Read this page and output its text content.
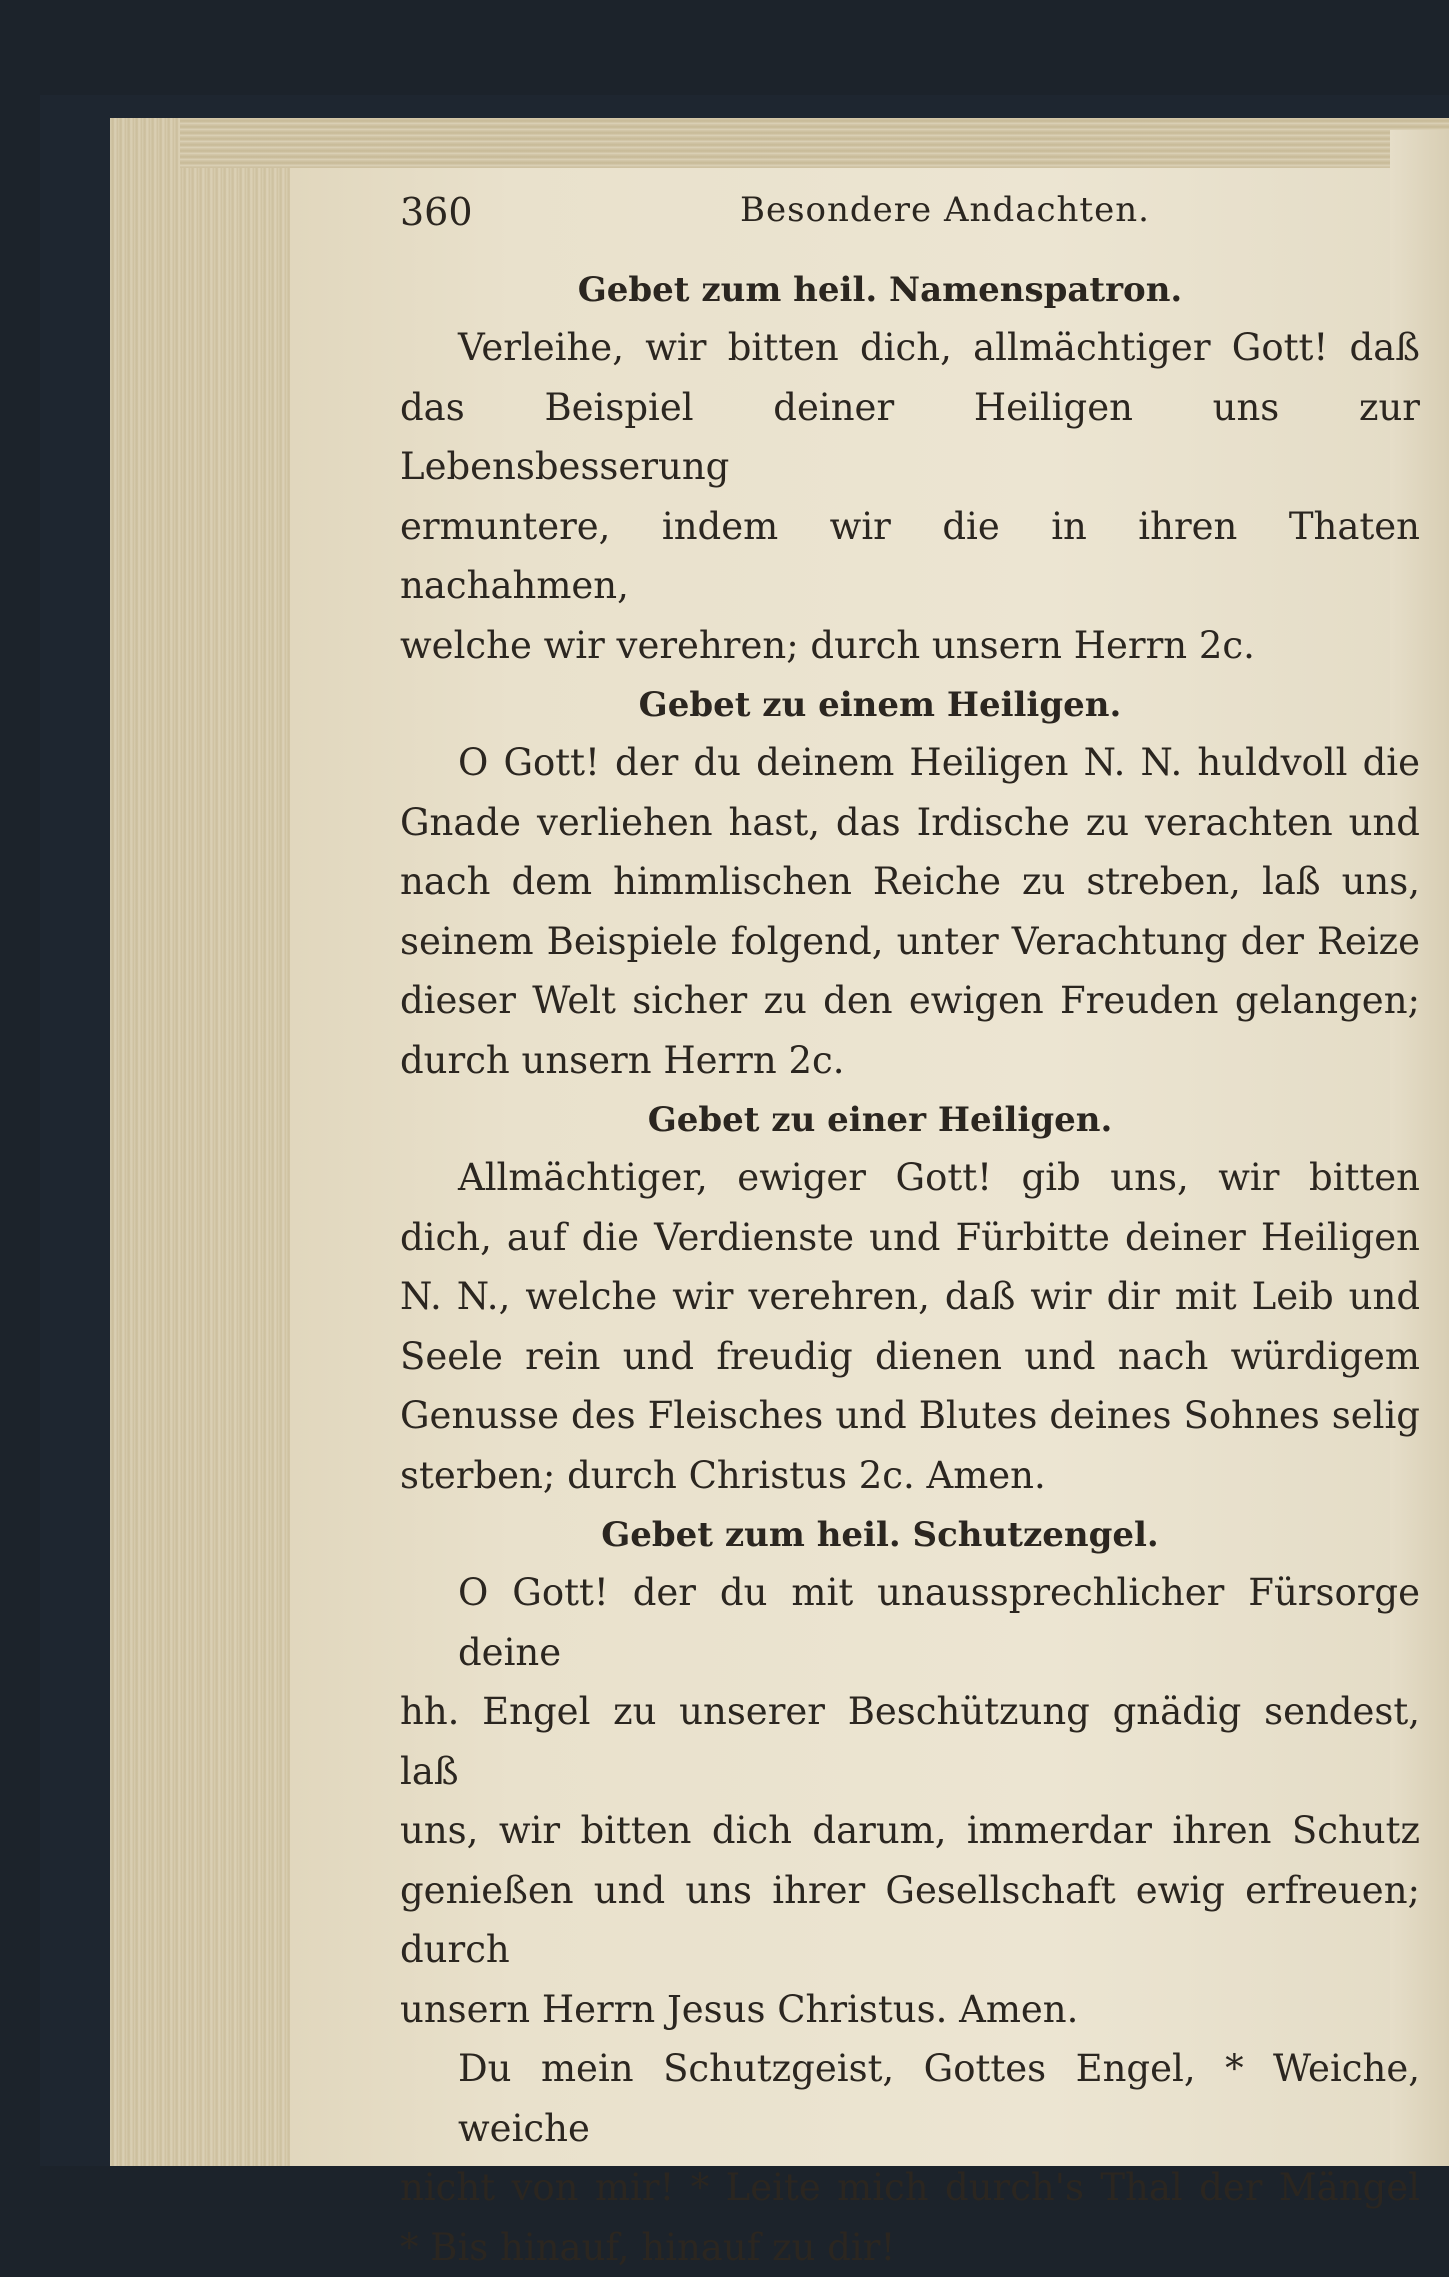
360	Besondere Andachten.
Gebet zum heil. Namenspatron.
Verleihe, wir bitten dich, allmächtiger Gott! daß
das Beispiel deiner Heiligen uns zur Lebensbesserung
ermuntere, indem wir die in ihren Thaten nachahmen,
welche wir verehren; durch unsern Herrn 2c.
Gebet zu einem Heiligen.
O Gott! der du deinem Heiligen N. N. huldvoll die
Gnade verliehen hast, das Irdische zu verachten und
nach dem himmlischen Reiche zu streben, laß uns,
seinem Beispiele folgend, unter Verachtung der Reize
dieser Welt sicher zu den ewigen Freuden gelangen;
durch unsern Herrn 2c.
Gebet zu einer Heiligen.
Allmächtiger, ewiger Gott! gib uns, wir bitten
dich, auf die Verdienste und Fürbitte deiner Heiligen
N. N., welche wir verehren, daß wir dir mit Leib und
Seele rein und freudig dienen und nach würdigem
Genusse des Fleisches und Blutes deines Sohnes selig
sterben; durch Christus 2c. Amen.
Gebet zum heil. Schutzengel.
O Gott! der du mit unaussprechlicher Fürsorge deine
hh. Engel zu unserer Beschützung gnädig sendest, laß
uns, wir bitten dich darum, immerdar ihren Schutz
genießen und uns ihrer Gesellschaft ewig erfreuen; durch
unsern Herrn Jesus Christus. Amen.
Du mein Schutzgeist, Gottes Engel, * Weiche, weiche
nicht von mir! * Leite mich durch's Thal der Mängel
* Bis hinauf, hinauf zu dir!
